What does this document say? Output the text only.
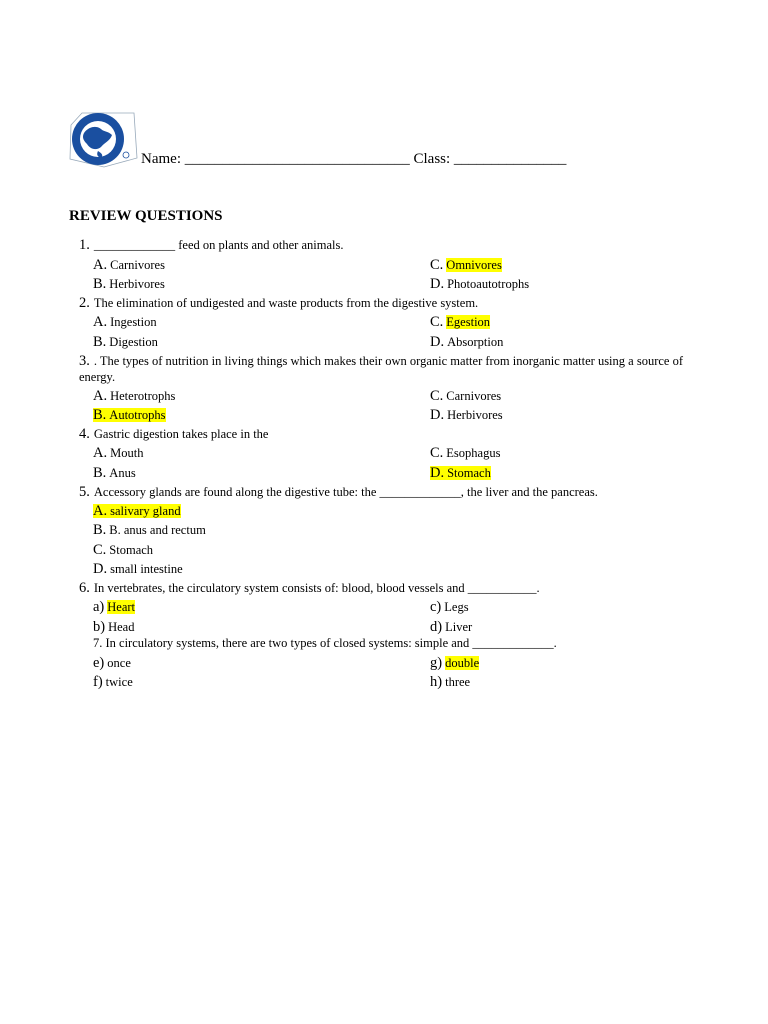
Name: ______________________________ Class: _______________
REVIEW QUESTIONS
1. _____________ feed on plants and other animals.
A. Carnivores
B. Herbivores
C. Omnivores
D. Photoautotrophs
2. The elimination of undigested and waste products from the digestive system.
A. Ingestion
B. Digestion
C. Egestion
D. Absorption
3. . The types of nutrition in living things which makes their own organic matter from inorganic matter using a source of energy.
A. Heterotrophs
B. Autotrophs
C. Carnivores
D. Herbivores
4. Gastric digestion takes place in the
A. Mouth
B. Anus
C. Esophagus
D. Stomach
5. Accessory glands are found along the digestive tube: the _____________, the liver and the pancreas.
A. salivary gland
B. B. anus and rectum
C. Stomach
D. small intestine
6. In vertebrates, the circulatory system consists of: blood, blood vessels and ___________.
a) Heart
b) Head
c) Legs
d) Liver
7. In circulatory systems, there are two types of closed systems: simple and _____________.
e) once
f) twice
g) double
h) three
